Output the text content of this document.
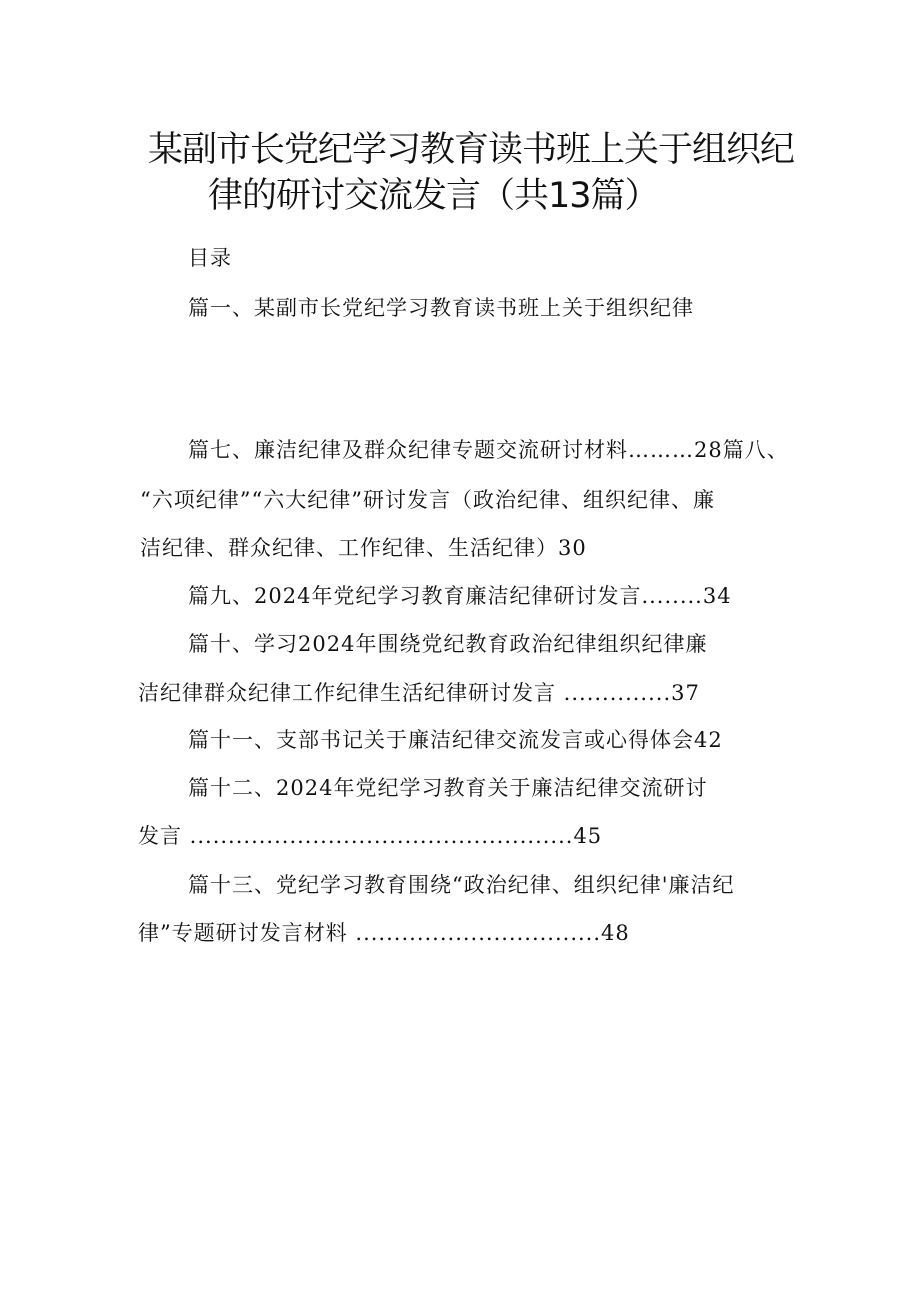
某副市长党纪学习教育读书班上关于组织纪
律的研讨交流发言（共13篇）
目录
篇一、某副市长党纪学习教育读书班上关于组织纪律
篇七、廉洁纪律及群众纪律专题交流研讨材料………28篇八、
“六项纪律”“六大纪律”研讨发言（政治纪律、组织纪律、廉
洁纪律、群众纪律、工作纪律、生活纪律）30
篇九、2024年党纪学习教育廉洁纪律研讨发言........34
篇十、学习2024年围绕党纪教育政治纪律组织纪律廉
洁纪律群众纪律工作纪律生活纪律研讨发言 ..............37
篇十一、支部书记关于廉洁纪律交流发言或心得体会42
篇十二、2024年党纪学习教育关于廉洁纪律交流研讨
发言 ..................................................45
篇十三、党纪学习教育围绕“政治纪律、组织纪律'廉洁纪
律”专题研讨发言材料 ................................48
